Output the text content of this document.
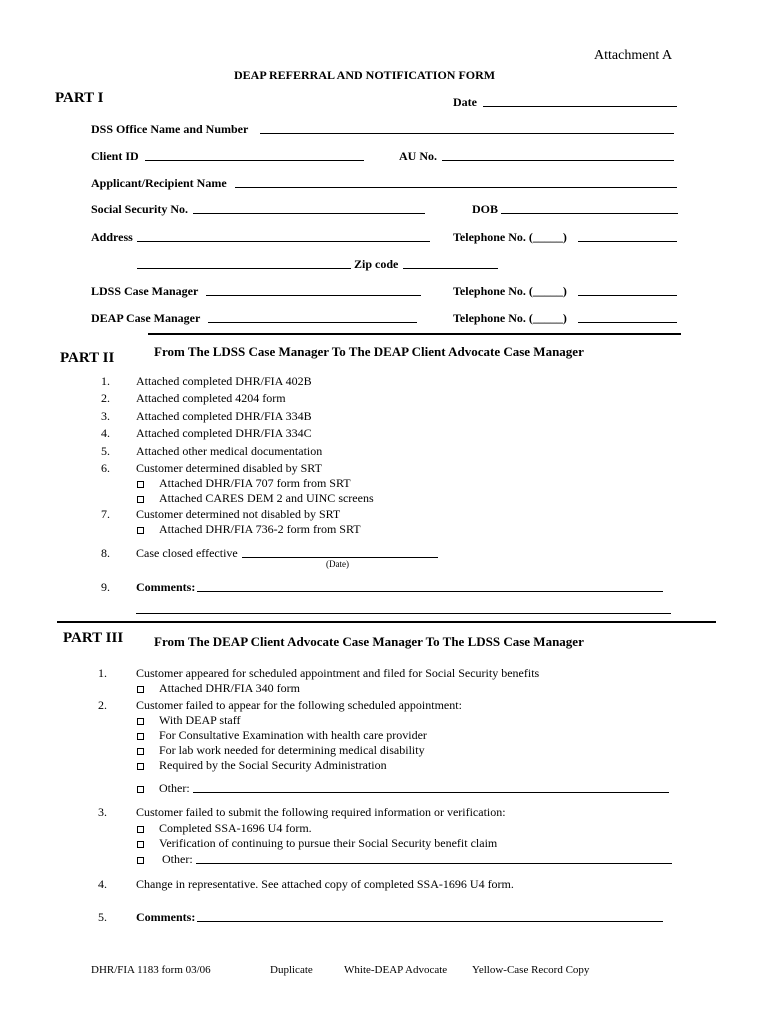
Attachment A
DEAP REFERRAL AND NOTIFICATION FORM
PART I	Date
DSS Office Name and Number
Client ID	AU No.
Applicant/Recipient Name
Social Security No.	DOB
Address	Telephone No. (_____)
Zip code
LDSS Case Manager	Telephone No. (_____)
DEAP Case Manager	Telephone No. (_____)
PART II	From The LDSS Case Manager To The DEAP Client Advocate Case Manager
1. Attached completed DHR/FIA 402B
2. Attached completed 4204 form
3. Attached completed DHR/FIA 334B
4. Attached completed DHR/FIA 334C
5. Attached other medical documentation
6. Customer determined disabled by SRT
Attached DHR/FIA 707 form from SRT
Attached CARES DEM 2 and UINC screens
7. Customer determined not disabled by SRT
Attached DHR/FIA 736-2 form from SRT
8. Case closed effective
(Date)
9. Comments:
PART III From The DEAP Client Advocate Case Manager To The LDSS Case Manager
1. Customer appeared for scheduled appointment and filed for Social Security benefits
Attached DHR/FIA 340 form
2. Customer failed to appear for the following scheduled appointment:
With DEAP staff
For Consultative Examination with health care provider
For lab work needed for determining medical disability
Required by the Social Security Administration
Other:
3. Customer failed to submit the following required information or verification:
Completed SSA-1696 U4 form.
Verification of continuing to pursue their Social Security benefit claim
Other:
4. Change in representative. See attached copy of completed SSA-1696 U4 form.
5. Comments:
DHR/FIA 1183 form 03/06	Duplicate	White-DEAP Advocate Yellow-Case Record Copy
